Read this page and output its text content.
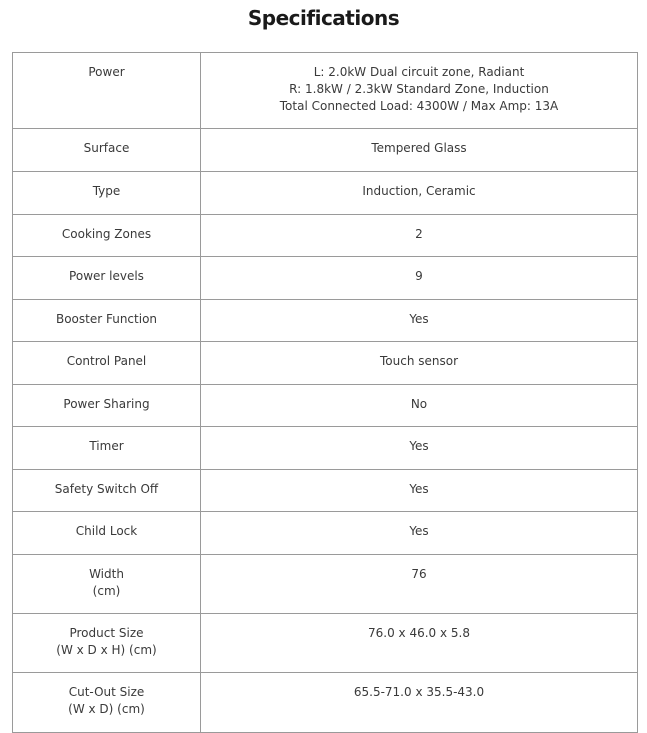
Specifications
Power	L: 2.0kW Dual circuit zone, Radiant
R: 1.8kW / 2.3kW Standard Zone, Induction
Total Connected Load: 4300W / Max Amp: 13A

Surface	Tempered Glass

Type	Induction, Ceramic

Cooking Zones	2

Power levels	9

Booster Function	Yes

Control Panel	Touch sensor

Power Sharing	No

Timer	Yes

Safety Switch Off	Yes

Child Lock	Yes

Width
(cm)	76

Product Size
(W x D x H) (cm)	76.0 x 46.0 x 5.8

Cut-Out Size
(W x D) (cm)	65.5-71.0 x 35.5-43.0
